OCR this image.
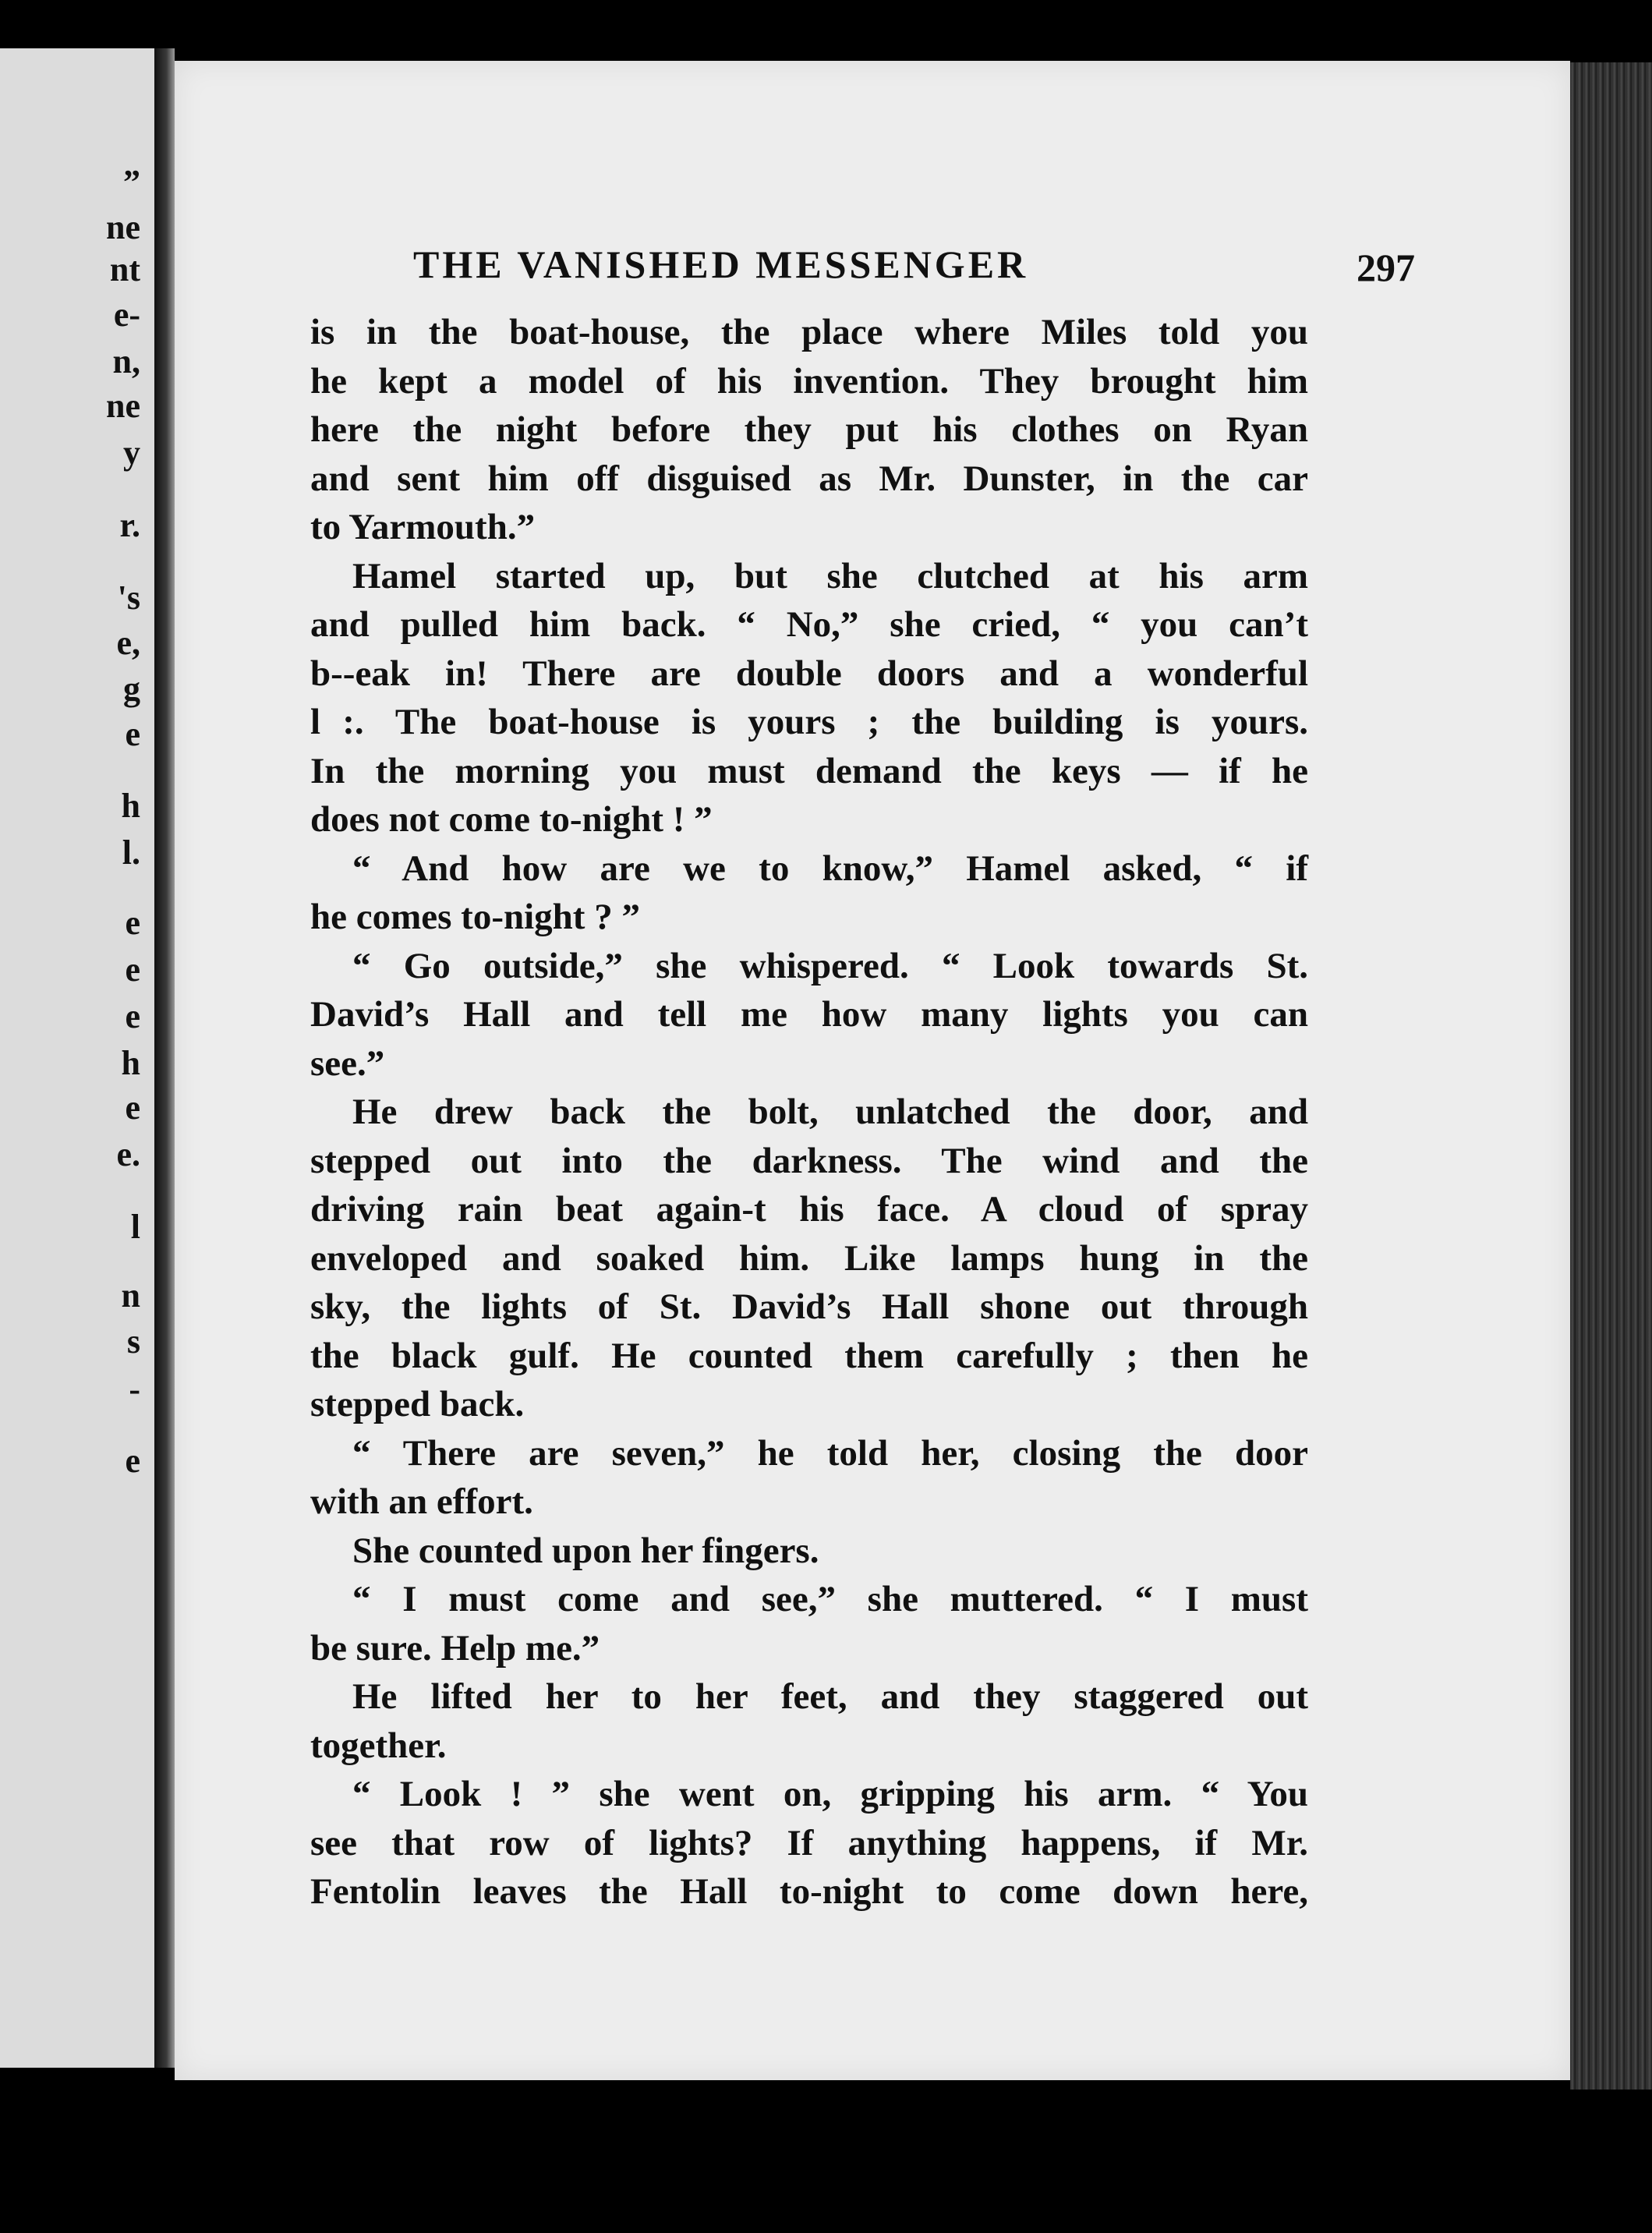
”
ne
nt
e-
n,
ne
y
r.
's
e,
g
e
h
l.
e
e
e
h
e
e.
l
n
s
-
e
THE VANISHED MESSENGER	297
is in the boat-house, the place where Miles told you
he kept a model of his invention. They brought him
here the night before they put his clothes on Ryan
and sent him off disguised as Mr. Dunster, in the car
to Yarmouth.”
Hamel started up, but she clutched at his arm
and pulled him back. “ No,” she cried, “ you can’t
b‑‑eak in! There are double doors and a wonderful
l   :. The boat-house is yours ; the building is yours.
In the morning you must demand the keys — if he
does not come to-night ! ”
“ And how are we to know,” Hamel asked, “ if
he comes to-night ? ”
“ Go outside,” she whispered. “ Look towards St.
David’s Hall and tell me how many lights you can
see.”
He drew back the bolt, unlatched the door, and
stepped out into the darkness. The wind and the
driving rain beat again‑t his face. A cloud of spray
enveloped and soaked him. Like lamps hung in the
sky, the lights of St. David’s Hall shone out through
the black gulf. He counted them carefully ; then he
stepped back.
“ There are seven,” he told her, closing the door
with an effort.
She counted upon her fingers.
“ I must come and see,” she muttered. “ I must
be sure. Help me.”
He lifted her to her feet, and they staggered out
together.
“ Look ! ” she went on, gripping his arm. “ You
see that row of lights? If anything happens, if Mr.
Fentolin leaves the Hall to-night to come down here,
